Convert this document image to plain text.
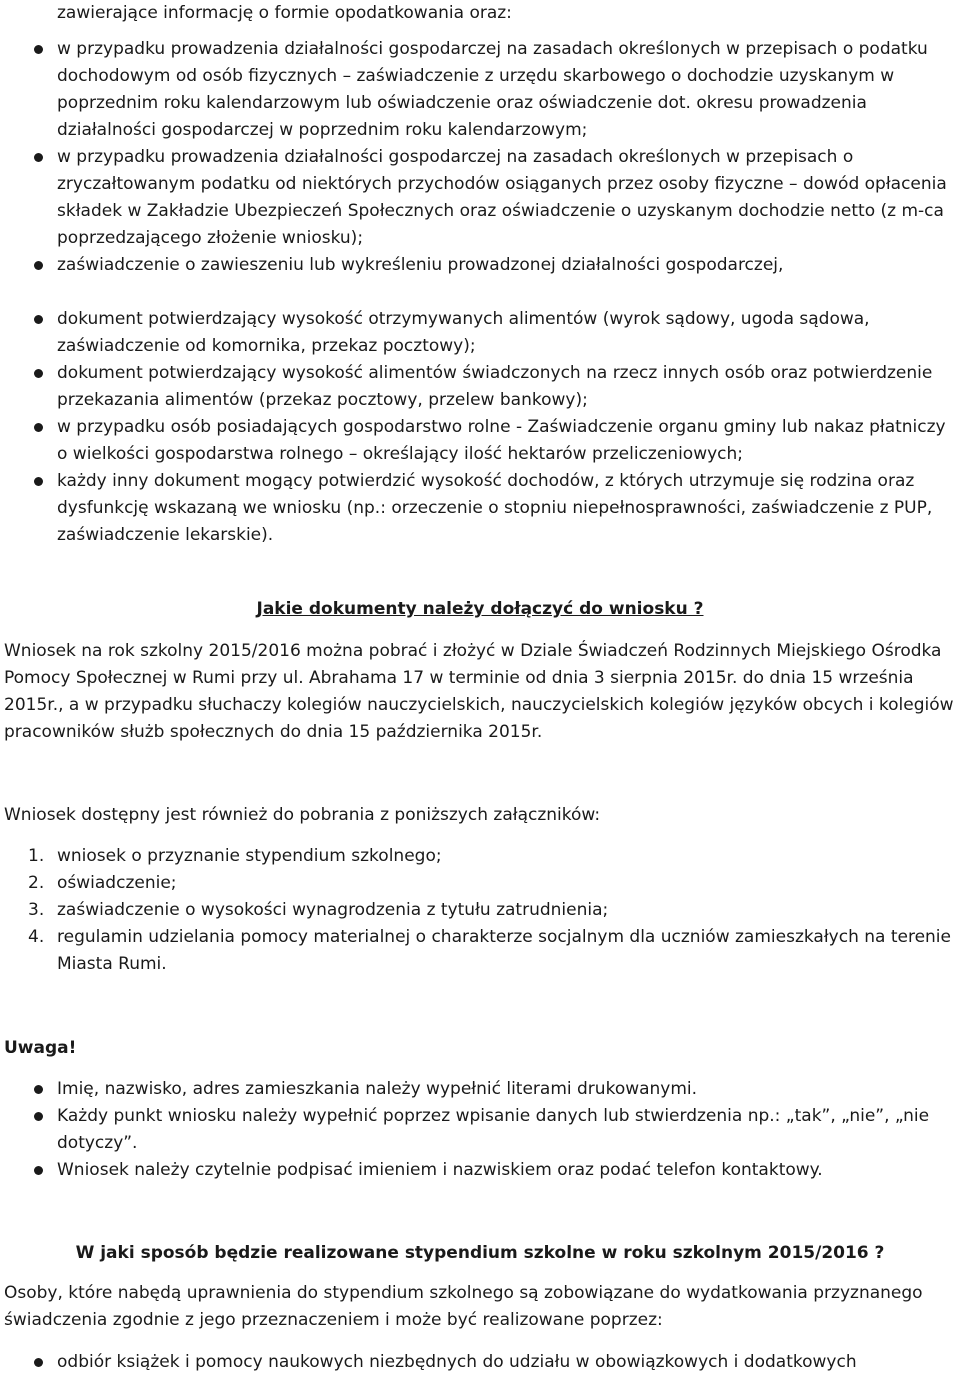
zawierające informację o formie opodatkowania oraz:

w przypadku prowadzenia działalności gospodarczej na zasadach określonych w przepisach o podatku dochodowym od osób fizycznych – zaświadczenie z urzędu skarbowego o dochodzie uzyskanym w poprzednim roku kalendarzowym lub oświadczenie oraz oświadczenie dot. okresu prowadzenia działalności gospodarczej w poprzednim roku kalendarzowym;
w przypadku prowadzenia działalności gospodarczej na zasadach określonych w przepisach o zryczałtowanym podatku od niektórych przychodów osiąganych przez osoby fizyczne – dowód opłacenia składek w Zakładzie Ubezpieczeń Społecznych oraz oświadczenie o uzyskanym dochodzie netto (z m-ca poprzedzającego złożenie wniosku);
zaświadczenie o zawieszeniu lub wykreśleniu prowadzonej działalności gospodarczej,
dokument potwierdzający wysokość otrzymywanych alimentów (wyrok sądowy, ugoda sądowa, zaświadczenie od komornika, przekaz pocztowy);
dokument potwierdzający wysokość alimentów świadczonych na rzecz innych osób oraz potwierdzenie przekazania alimentów (przekaz pocztowy, przelew bankowy);
w przypadku osób posiadających gospodarstwo rolne - Zaświadczenie organu gminy lub nakaz płatniczy o wielkości gospodarstwa rolnego – określający ilość hektarów przeliczeniowych;
każdy inny dokument mogący potwierdzić wysokość dochodów, z których utrzymuje się rodzina oraz dysfunkcję wskazaną we wniosku (np.: orzeczenie o stopniu niepełnosprawności, zaświadczenie z PUP, zaświadczenie lekarskie).

Jakie dokumenty należy dołączyć do wniosku ?

Wniosek na rok szkolny 2015/2016 można pobrać i złożyć w Dziale Świadczeń Rodzinnych Miejskiego Ośrodka Pomocy Społecznej w Rumi przy ul. Abrahama 17 w terminie od dnia 3 sierpnia 2015r. do dnia 15 września 2015r., a w przypadku słuchaczy kolegiów nauczycielskich, nauczycielskich kolegiów języków obcych i kolegiów pracowników służb społecznych do dnia 15 października 2015r.

Wniosek dostępny jest również do pobrania z poniższych załączników:

1. wniosek o przyznanie stypendium szkolnego;
2. oświadczenie;
3. zaświadczenie o wysokości wynagrodzenia z tytułu zatrudnienia;
4. regulamin udzielania pomocy materialnej o charakterze socjalnym dla uczniów zamieszkałych na terenie Miasta Rumi.

Uwaga!

Imię, nazwisko, adres zamieszkania należy wypełnić literami drukowanymi.
Każdy punkt wniosku należy wypełnić poprzez wpisanie danych lub stwierdzenia np.: „tak”, „nie”, „nie dotyczy”.
Wniosek należy czytelnie podpisać imieniem i nazwiskiem oraz podać telefon kontaktowy.

W jaki sposób będzie realizowane stypendium szkolne w roku szkolnym 2015/2016 ?

Osoby, które nabędą uprawnienia do stypendium szkolnego są zobowiązane do wydatkowania przyznanego świadczenia zgodnie z jego przeznaczeniem i może być realizowane poprzez:

odbiór książek i pomocy naukowych niezbędnych do udziału w obowiązkowych i dodatkowych
